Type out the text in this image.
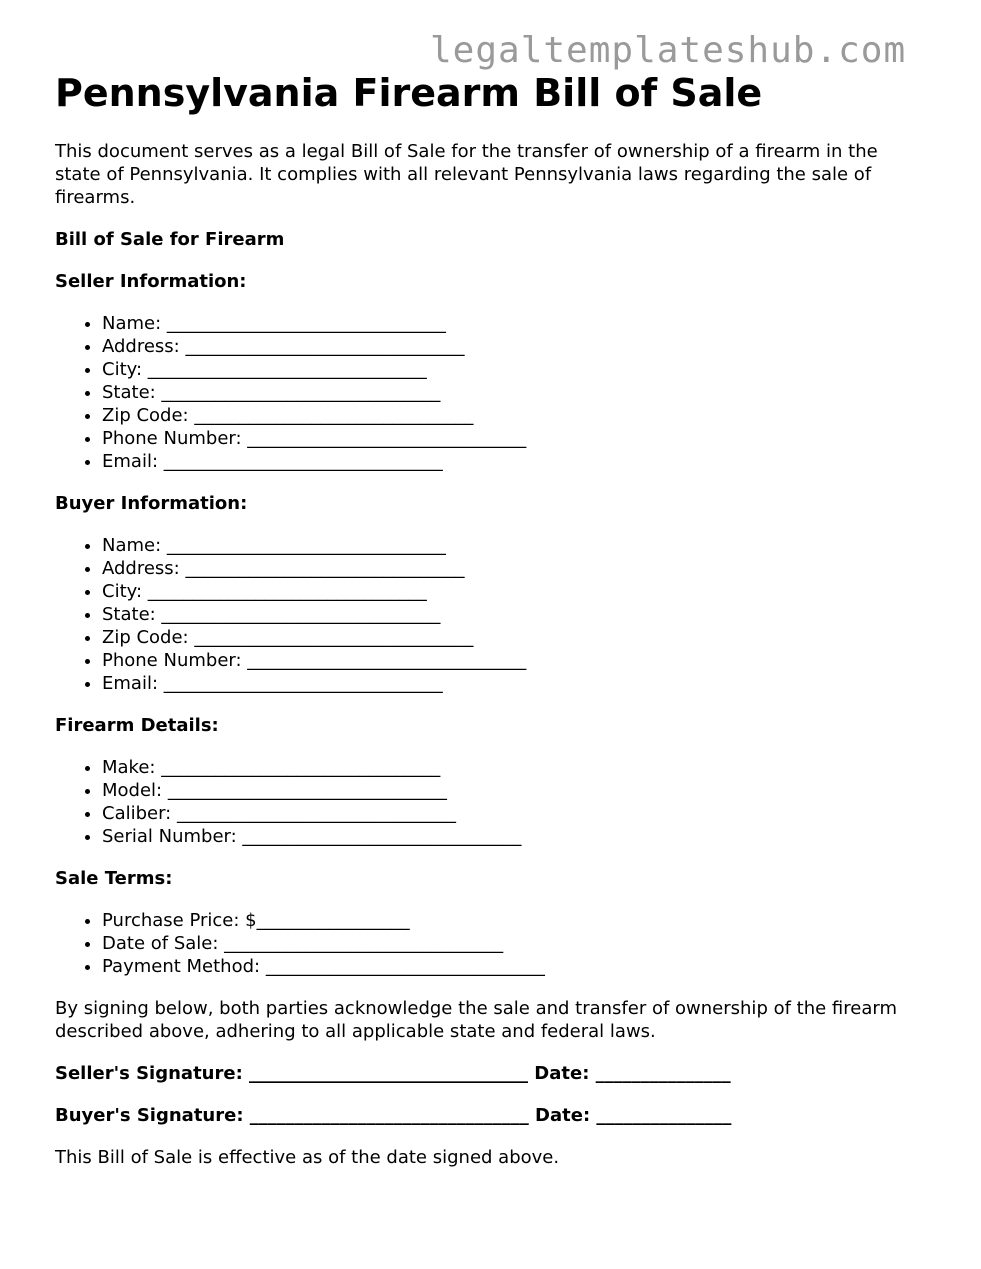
legaltemplateshub.com
Pennsylvania Firearm Bill of Sale

This document serves as a legal Bill of Sale for the transfer of ownership of a firearm in the state of Pennsylvania. It complies with all relevant Pennsylvania laws regarding the sale of firearms.

Bill of Sale for Firearm
Seller Information:
• Name: _______________________________
• Address: _______________________________
• City: _______________________________
• State: _______________________________
• Zip Code: _______________________________
• Phone Number: _______________________________
• Email: _______________________________
Buyer Information:
• Name: _______________________________
• Address: _______________________________
• City: _______________________________
• State: _______________________________
• Zip Code: _______________________________
• Phone Number: _______________________________
• Email: _______________________________
Firearm Details:
• Make: _______________________________
• Model: _______________________________
• Caliber: _______________________________
• Serial Number: _______________________________
Sale Terms:
• Purchase Price: $_________________
• Date of Sale: _______________________________
• Payment Method: _______________________________

By signing below, both parties acknowledge the sale and transfer of ownership of the firearm described above, adhering to all applicable state and federal laws.

Seller's Signature: _______________________________ Date: _______________
Buyer's Signature: _______________________________ Date: _______________

This Bill of Sale is effective as of the date signed above.
